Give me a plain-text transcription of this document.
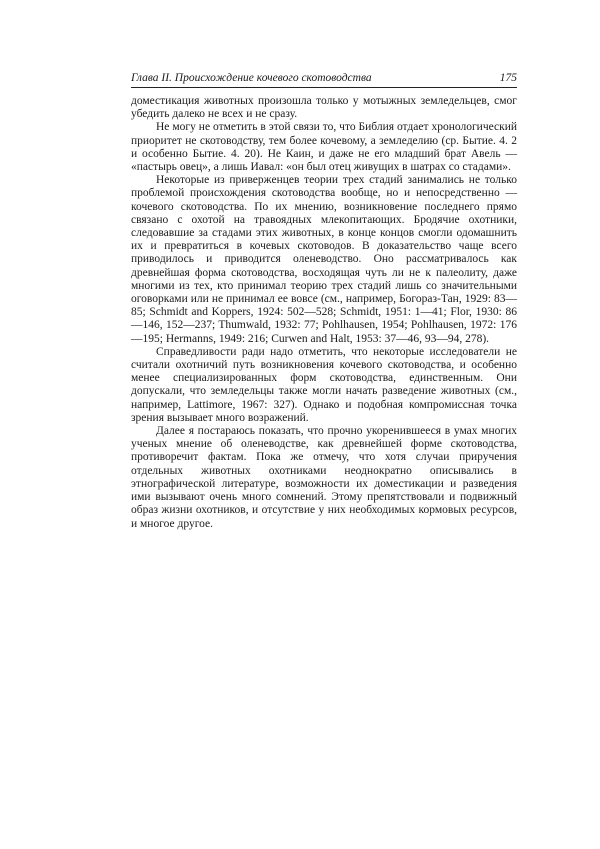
Глава II. Происхождение кочевого скотоводства	175

доместикация животных произошла только у мотыжных земледельцев, смог убедить далеко не всех и не сразу.

Не могу не отметить в этой связи то, что Библия отдает хронологический приоритет не скотоводству, тем более кочевому, а земледелию (ср. Бытие. 4. 2 и особенно Бытие. 4. 20). Не Каин, и даже не его младший брат Авель — «пастырь овец», а лишь Иавал: «он был отец живущих в шатрах со стадами».

Некоторые из приверженцев теории трех стадий занимались не только проблемой происхождения скотоводства вообще, но и непосредственно — кочевого скотоводства. По их мнению, возникновение последнего прямо связано с охотой на травоядных млекопитающих. Бродячие охотники, следовавшие за стадами этих животных, в конце концов смогли одомашнить их и превратиться в кочевых скотоводов. В доказательство чаще всего приводилось и приводится оленеводство. Оно рассматривалось как древнейшая форма скотоводства, восходящая чуть ли не к палеолиту, даже многими из тех, кто принимал теорию трех стадий лишь со значительными оговорками или не принимал ее вовсе (см., например, Богораз-Тан, 1929: 83—85; Schmidt and Koppers, 1924: 502—528; Schmidt, 1951: 1—41; Flor, 1930: 86—146, 152—237; Thumwald, 1932: 77; Pohlhausen, 1954; Pohlhausen, 1972: 176—195; Hermanns, 1949: 216; Curwen and Halt, 1953: 37—46, 93—94, 278).

Справедливости ради надо отметить, что некоторые исследователи не считали охотничий путь возникновения кочевого скотоводства, и особенно менее специализированных форм скотоводства, единственным. Они допускали, что земледельцы также могли начать разведение животных (см., например, Lattimore, 1967: 327). Однако и подобная компромиссная точка зрения вызывает много возражений.

Далее я постараюсь показать, что прочно укоренившееся в умах многих ученых мнение об оленеводстве, как древнейшей форме скотоводства, противоречит фактам. Пока же отмечу, что хотя случаи приручения отдельных животных охотниками неоднократно описывались в этнографической литературе, возможности их доместикации и разведения ими вызывают очень много сомнений. Этому препятствовали и подвижный образ жизни охотников, и отсутствие у них необходимых кормовых ресурсов, и многое другое.
